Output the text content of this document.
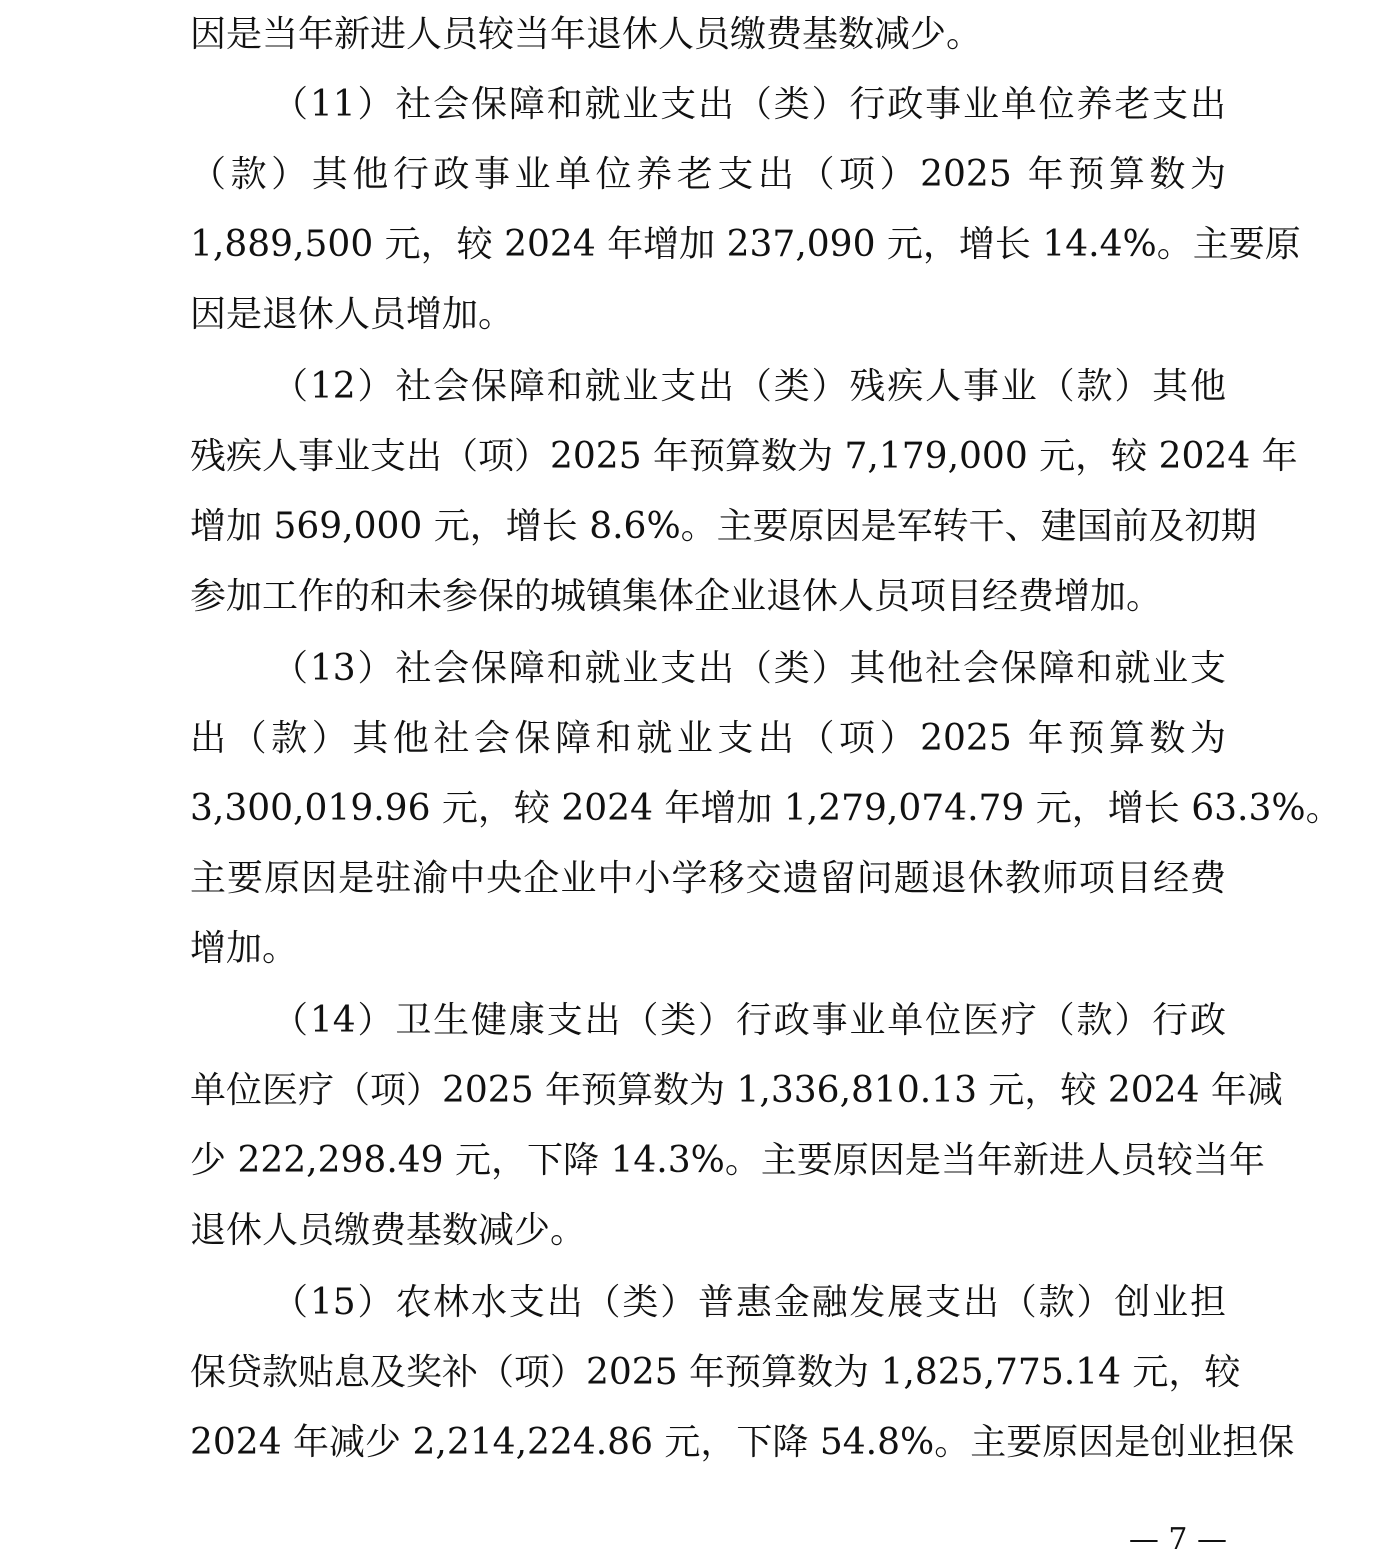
因是当年新进人员较当年退休人员缴费基数减少。
（11）社会保障和就业支出（类）行政事业单位养老支出
（款）其他行政事业单位养老支出（项）2025 年预算数为
1,889,500 元，较 2024 年增加 237,090 元，增长 14.4%。主要原
因是退休人员增加。
（12）社会保障和就业支出（类）残疾人事业（款）其他
残疾人事业支出（项）2025 年预算数为 7,179,000 元，较 2024 年
增加 569,000 元，增长 8.6%。主要原因是军转干、建国前及初期
参加工作的和未参保的城镇集体企业退休人员项目经费增加。
（13）社会保障和就业支出（类）其他社会保障和就业支
出（款）其他社会保障和就业支出（项）2025 年预算数为
3,300,019.96 元，较 2024 年增加 1,279,074.79 元，增长 63.3%。
主要原因是驻渝中央企业中小学移交遗留问题退休教师项目经费
增加。
（14）卫生健康支出（类）行政事业单位医疗（款）行政
单位医疗（项）2025 年预算数为 1,336,810.13 元，较 2024 年减
少 222,298.49 元，下降 14.3%。主要原因是当年新进人员较当年
退休人员缴费基数减少。
（15）农林水支出（类）普惠金融发展支出（款）创业担
保贷款贴息及奖补（项）2025 年预算数为 1,825,775.14 元，较
2024 年减少 2,214,224.86 元，下降 54.8%。主要原因是创业担保
— 7 —
